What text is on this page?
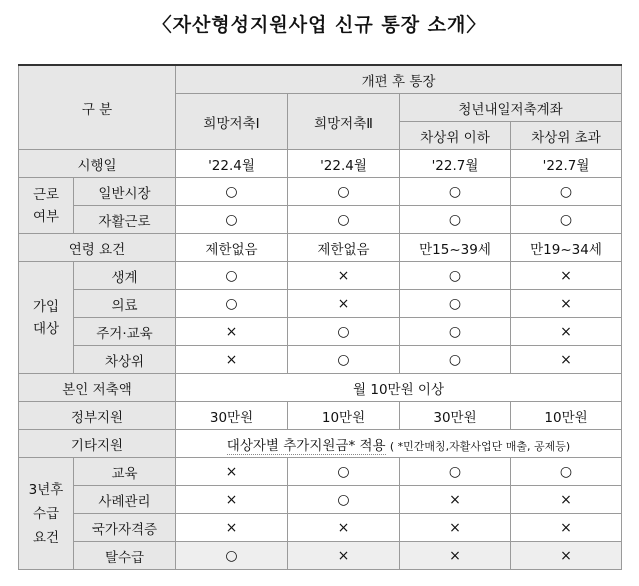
〈자산형성지원사업 신규 통장 소개〉
구 분		개편 후 통장			
		희망저축Ⅰ	희망저축Ⅱ	청년내일저축계좌	
				차상위 이하	차상위 초과
시행일		'22.4월	'22.4월	'22.7월	'22.7월
근로
여부	일반시장	○	○	○	○
	자활근로	○	○	○	○
연령 요건		제한없음	제한없음	만15~39세	만19~34세
가입
대상	생계	○	×	○	×
	의료	○	×	○	×
	주거·교육	×	○	○	×
	차상위	×	○	○	×
본인 저축액		월 10만원 이상			
정부지원		30만원	10만원	30만원	10만원
기타지원		대상자별 추가지원금* 적용 ( *민간매칭,자활사업단 매출, 공제등)			
3년후
수급
요건	교육	×	○	○	○
	사례관리	×	○	×	×
	국가자격증	×	×	×	×
	탈수급	○	×	×	×
